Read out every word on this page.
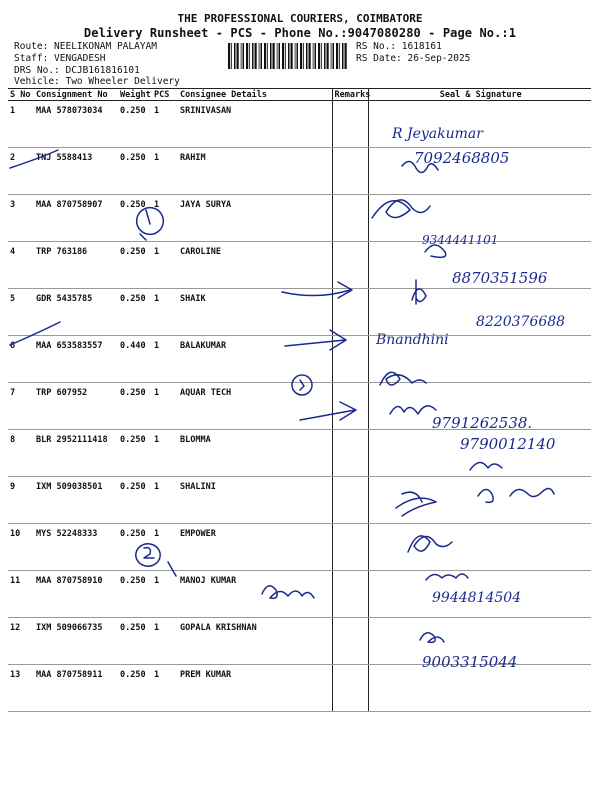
THE PROFESSIONAL COURIERS, COIMBATORE
Delivery Runsheet - PCS - Phone No.:9047080280 - Page No.:1
Route: NEELIKONAM PALAYAM
Staff: VENGADESH
DRS No.: DCJB161816101
Vehicle: Two Wheeler Delivery
RS No.: 1618161
RS Date: 26-Sep-2025
S No	Consignment No	Weight	PCS	Consignee Details	Remarks	Seal & Signature
1	MAA 578073034	0.250	1	SRINIVASAN		
2	TNJ 5588413	0.250	1	RAHIM		
3	MAA 870758907	0.250	1	JAYA SURYA		
4	TRP 763186	0.250	1	CAROLINE		
5	GDR 5435785	0.250	1	SHAIK		
6	MAA 653583557	0.440	1	BALAKUMAR		
7	TRP 607952	0.250	1	AQUAR TECH		
8	BLR 2952111418	0.250	1	BLOMMA		
9	IXM 509038501	0.250	1	SHALINI		
10	MYS 52248333	0.250	1	EMPOWER		
11	MAA 870758910	0.250	1	MANOJ KUMAR		
12	IXM 509066735	0.250	1	GOPALA KRISHNAN		
13	MAA 870758911	0.250	1	PREM KUMAR		
R Jeyakumar
7092468805
9344441101
8870351596
Bnandhini
8220376688
9791262538.
9790012140
9944814504
9003315044
